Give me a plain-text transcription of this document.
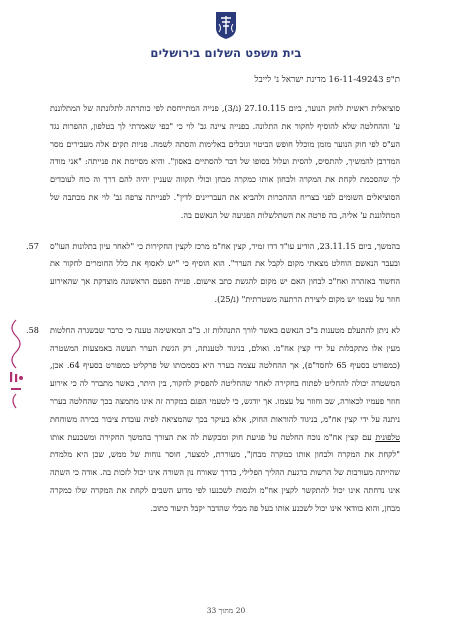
בית משפט השלום בירושלים
ת"פ 16-11-49243 מדינת ישראל נ' לייבל

סוציאלית ראשית לחוק הנוער, ביום 27.10.115 (נ/3), פנייה המתייחסת לפי כותרתה לתלונתה של המתלוננת ע' וההחלטה שלא להוסיף לחקור את התלונה. בפנייה ציינה גב' לוי כי "כפי שאמרתי לך בטלפון, ההפרות נגד הע"ס לפי חוק הנוער מזמן מוכלל חופש הביטוי וגובלים באלימות והסתה לשמה. פניות תקים אלה מעבירים מסר המדרבן להמשיך, להתסיס, להסית ועלול בסופו של דבר להסתיים באסון". והיא מסיימת את פנייתה: "אני מודה לך שהסכמת לקחת את המקרה ולבחון אותו כמקרה מבחן וכולי תקווה שעניין יהיה להם דרך וה כוח לעובדים הסוציאלים השומים לפני בצריח הההכרות ולהביא את העבריינים לדין". לפנייתה צרפה גב' לוי את מכתבה של המתלוננת ע' אליה, בה פרטה את השתלשלות הפגיעה של הנאשם בה.

57.	בהמשך, ביום 23.11.15, הודיע עו"ד דדו זמיר, קצין אח"מ מרכז לקצין החקירות כי "לאחר עיון בתלונות העו"ס ובעבר הנאשם הוחלט מצאתי מקום לקבל את הערר". הוא הוסיף כי "יש לאסוף את כלל החומרים לחקור את החשוד באזהרה ואח"כ לבחון האם יש מקום להגשת כתב אישום. פנייה הפעם הראשונה מוצדקת אך שהאירוע חוזר על עצמו יש מקום ליצירת הרתעה משטרתית" (נ/25).

58.	לא ניתן להתעלם מטענות ב"כ הנאשם באשר לורך התנהלות זו. ב"כ המאשימה טענה כי כרבר שבשגרה החלטות מעין אלו מתקבלות על ידי קצין אח"מ. ואולם, בניגוד לטענתה, רק הגשת הערר תעשה באמצעות המשטרה (כמפורט בסעיף 65 לחסד"פ), אך ההחלטה עצמה בערר היא בסמכותו של פרקליט כמפורט בסעיף 64. אכן, המשטרה יכולה להחליט לפתוח בחקירה לאחר שהחליטה להפסיק לחקור, בין היתר, כאשר מתברר לה כי אירוע חוזר פעמיו לכאורה, שב וחוזר על עצמו. אך יודגש, כי לטעמי הפגם במקרה זה אינו מתמצה בכך שהחלטה בערר ניתנה על ידי קצין אח"מ, בניגוד להוראות החוק, אלא בעיקר בכך שהמציאה לפיה עובדת ציבור בכירה משוחחת טלפונית עם קצין אח"מ נוכח החלטה על פגיעת חוק ומבקשת לה את הצורך בהמשך החקירה ומשכנעת אותו "לקחת את המקרה ולבחון אותו כמקרה מבחן", מעוררת, למצער, חוסר נוחות של ממש, שכן היא מלמדת שהייתה מעורבות של הרשות ברגעת ההליך הפלילי, בדרך שאורח נון השורה אינו יכול לזכות בה. אודה כי השתה אינו נדחתה אינו יכול להתקשר לקצין אח"מ ולנסות לשכנעו לפי מדוע השבים לקחת את המקרה שלו כמקרה מבחן, והוא בוודאי אינו יכול לשכנע אותו בעל פה מבלי שהדבר יקבל תיעוד כתוב.

20 מתוך 33
